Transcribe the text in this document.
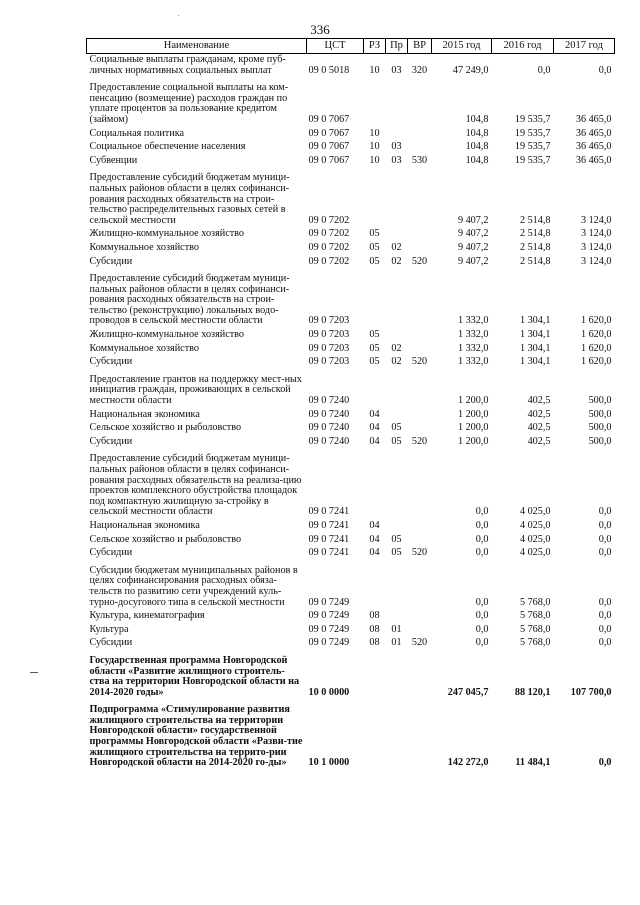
336
Наименование	ЦСТ	РЗ	Пр	ВР	2015 год	2016 год	2017 год
Социальные выплаты гражданам, кроме пуб-личных нормативных социальных выплат	09 0 5018	10	03	320	47 249,0	0,0	0,0
Предоставление социальной выплаты на ком-пенсацию (возмещение) расходов граждан по уплате процентов за пользование кредитом (займом)	09 0 7067				104,8	19 535,7	36 465,0
Социальная политика	09 0 7067	10			104,8	19 535,7	36 465,0
Социальное обеспечение населения	09 0 7067	10	03		104,8	19 535,7	36 465,0
Субвенции	09 0 7067	10	03	530	104,8	19 535,7	36 465,0
Предоставление субсидий бюджетам муници-пальных районов области в целях софинанси-рования расходных обязательств на строи-тельство распределительных газовых сетей в сельской местности	09 0 7202				9 407,2	2 514,8	3 124,0
Жилищно-коммунальное хозяйство	09 0 7202	05			9 407,2	2 514,8	3 124,0
Коммунальное хозяйство	09 0 7202	05	02		9 407,2	2 514,8	3 124,0
Субсидии	09 0 7202	05	02	520	9 407,2	2 514,8	3 124,0
Предоставление субсидий бюджетам муници-пальных районов области в целях софинанси-рования расходных обязательств на строи-тельство (реконструкцию) локальных водо-проводов в сельской местности области	09 0 7203				1 332,0	1 304,1	1 620,0
Жилищно-коммунальное хозяйство	09 0 7203	05			1 332,0	1 304,1	1 620,0
Коммунальное хозяйство	09 0 7203	05	02		1 332,0	1 304,1	1 620,0
Субсидии	09 0 7203	05	02	520	1 332,0	1 304,1	1 620,0
Предоставление грантов на поддержку мест-ных инициатив граждан, проживающих в сельской местности области	09 0 7240				1 200,0	402,5	500,0
Национальная экономика	09 0 7240	04			1 200,0	402,5	500,0
Сельское хозяйство и рыболовство	09 0 7240	04	05		1 200,0	402,5	500,0
Субсидии	09 0 7240	04	05	520	1 200,0	402,5	500,0
Предоставление субсидий бюджетам муници-пальных районов области в целях софинанси-рования расходных обязательств на реализа-цию проектов комплексного обустройства площадок под компактную жилищную за-стройку в сельской местности области	09 0 7241				0,0	4 025,0	0,0
Национальная экономика	09 0 7241	04			0,0	4 025,0	0,0
Сельское хозяйство и рыболовство	09 0 7241	04	05		0,0	4 025,0	0,0
Субсидии	09 0 7241	04	05	520	0,0	4 025,0	0,0
Субсидии бюджетам муниципальных районов в целях софинансирования расходных обяза-тельств по развитию сети учреждений куль-турно-досугового типа в сельской местности	09 0 7249				0,0	5 768,0	0,0
Культура, кинематография	09 0 7249	08			0,0	5 768,0	0,0
Культура	09 0 7249	08	01		0,0	5 768,0	0,0
Субсидии	09 0 7249	08	01	520	0,0	5 768,0	0,0
Государственная программа Новгородской области «Развитие жилищного строитель-ства на территории Новгородской области на 2014-2020 годы»	10 0 0000				247 045,7	88 120,1	107 700,0
Подпрограмма «Стимулирование развития жилищного строительства на территории Новгородской области» государственной программы Новгородской области «Разви-тие жилищного строительства на террито-рии Новгородской области на 2014-2020 го-ды»	10 1 0000				142 272,0	11 484,1	0,0
